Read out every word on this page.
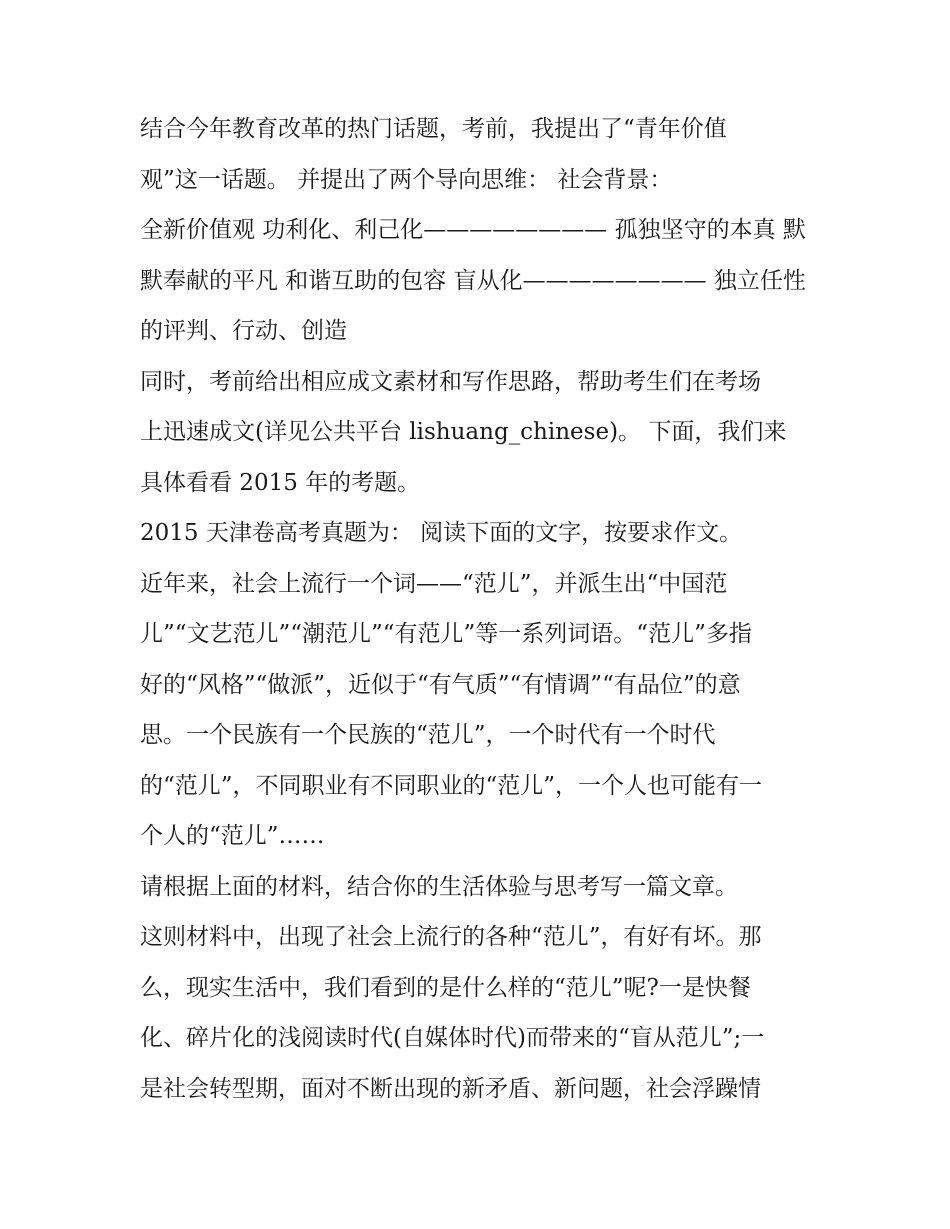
结合今年教育改革的热门话题，考前，我提出了“青年价值
观”这一话题。 并提出了两个导向思维： 社会背景：
全新价值观 功利化、利己化———————— 孤独坚守的本真 默
默奉献的平凡 和谐互助的包容 盲从化———————— 独立任性
的评判、行动、创造
同时，考前给出相应成文素材和写作思路，帮助考生们在考场
上迅速成文(详见公共平台 lishuang_chinese)。 下面，我们来
具体看看 2015 年的考题。
2015 天津卷高考真题为： 阅读下面的文字，按要求作文。
近年来，社会上流行一个词——“范儿”，并派生出“中国范
儿”“文艺范儿”“潮范儿”“有范儿”等一系列词语。“范儿”多指
好的“风格”“做派”，近似于“有气质”“有情调”“有品位”的意
思。一个民族有一个民族的“范儿”，一个时代有一个时代
的“范儿”，不同职业有不同职业的“范儿”，一个人也可能有一
个人的“范儿”……
请根据上面的材料，结合你的生活体验与思考写一篇文章。
这则材料中，出现了社会上流行的各种“范儿”，有好有坏。那
么，现实生活中，我们看到的是什么样的“范儿”呢?一是快餐
化、碎片化的浅阅读时代(自媒体时代)而带来的“盲从范儿”;一
是社会转型期，面对不断出现的新矛盾、新问题，社会浮躁情
